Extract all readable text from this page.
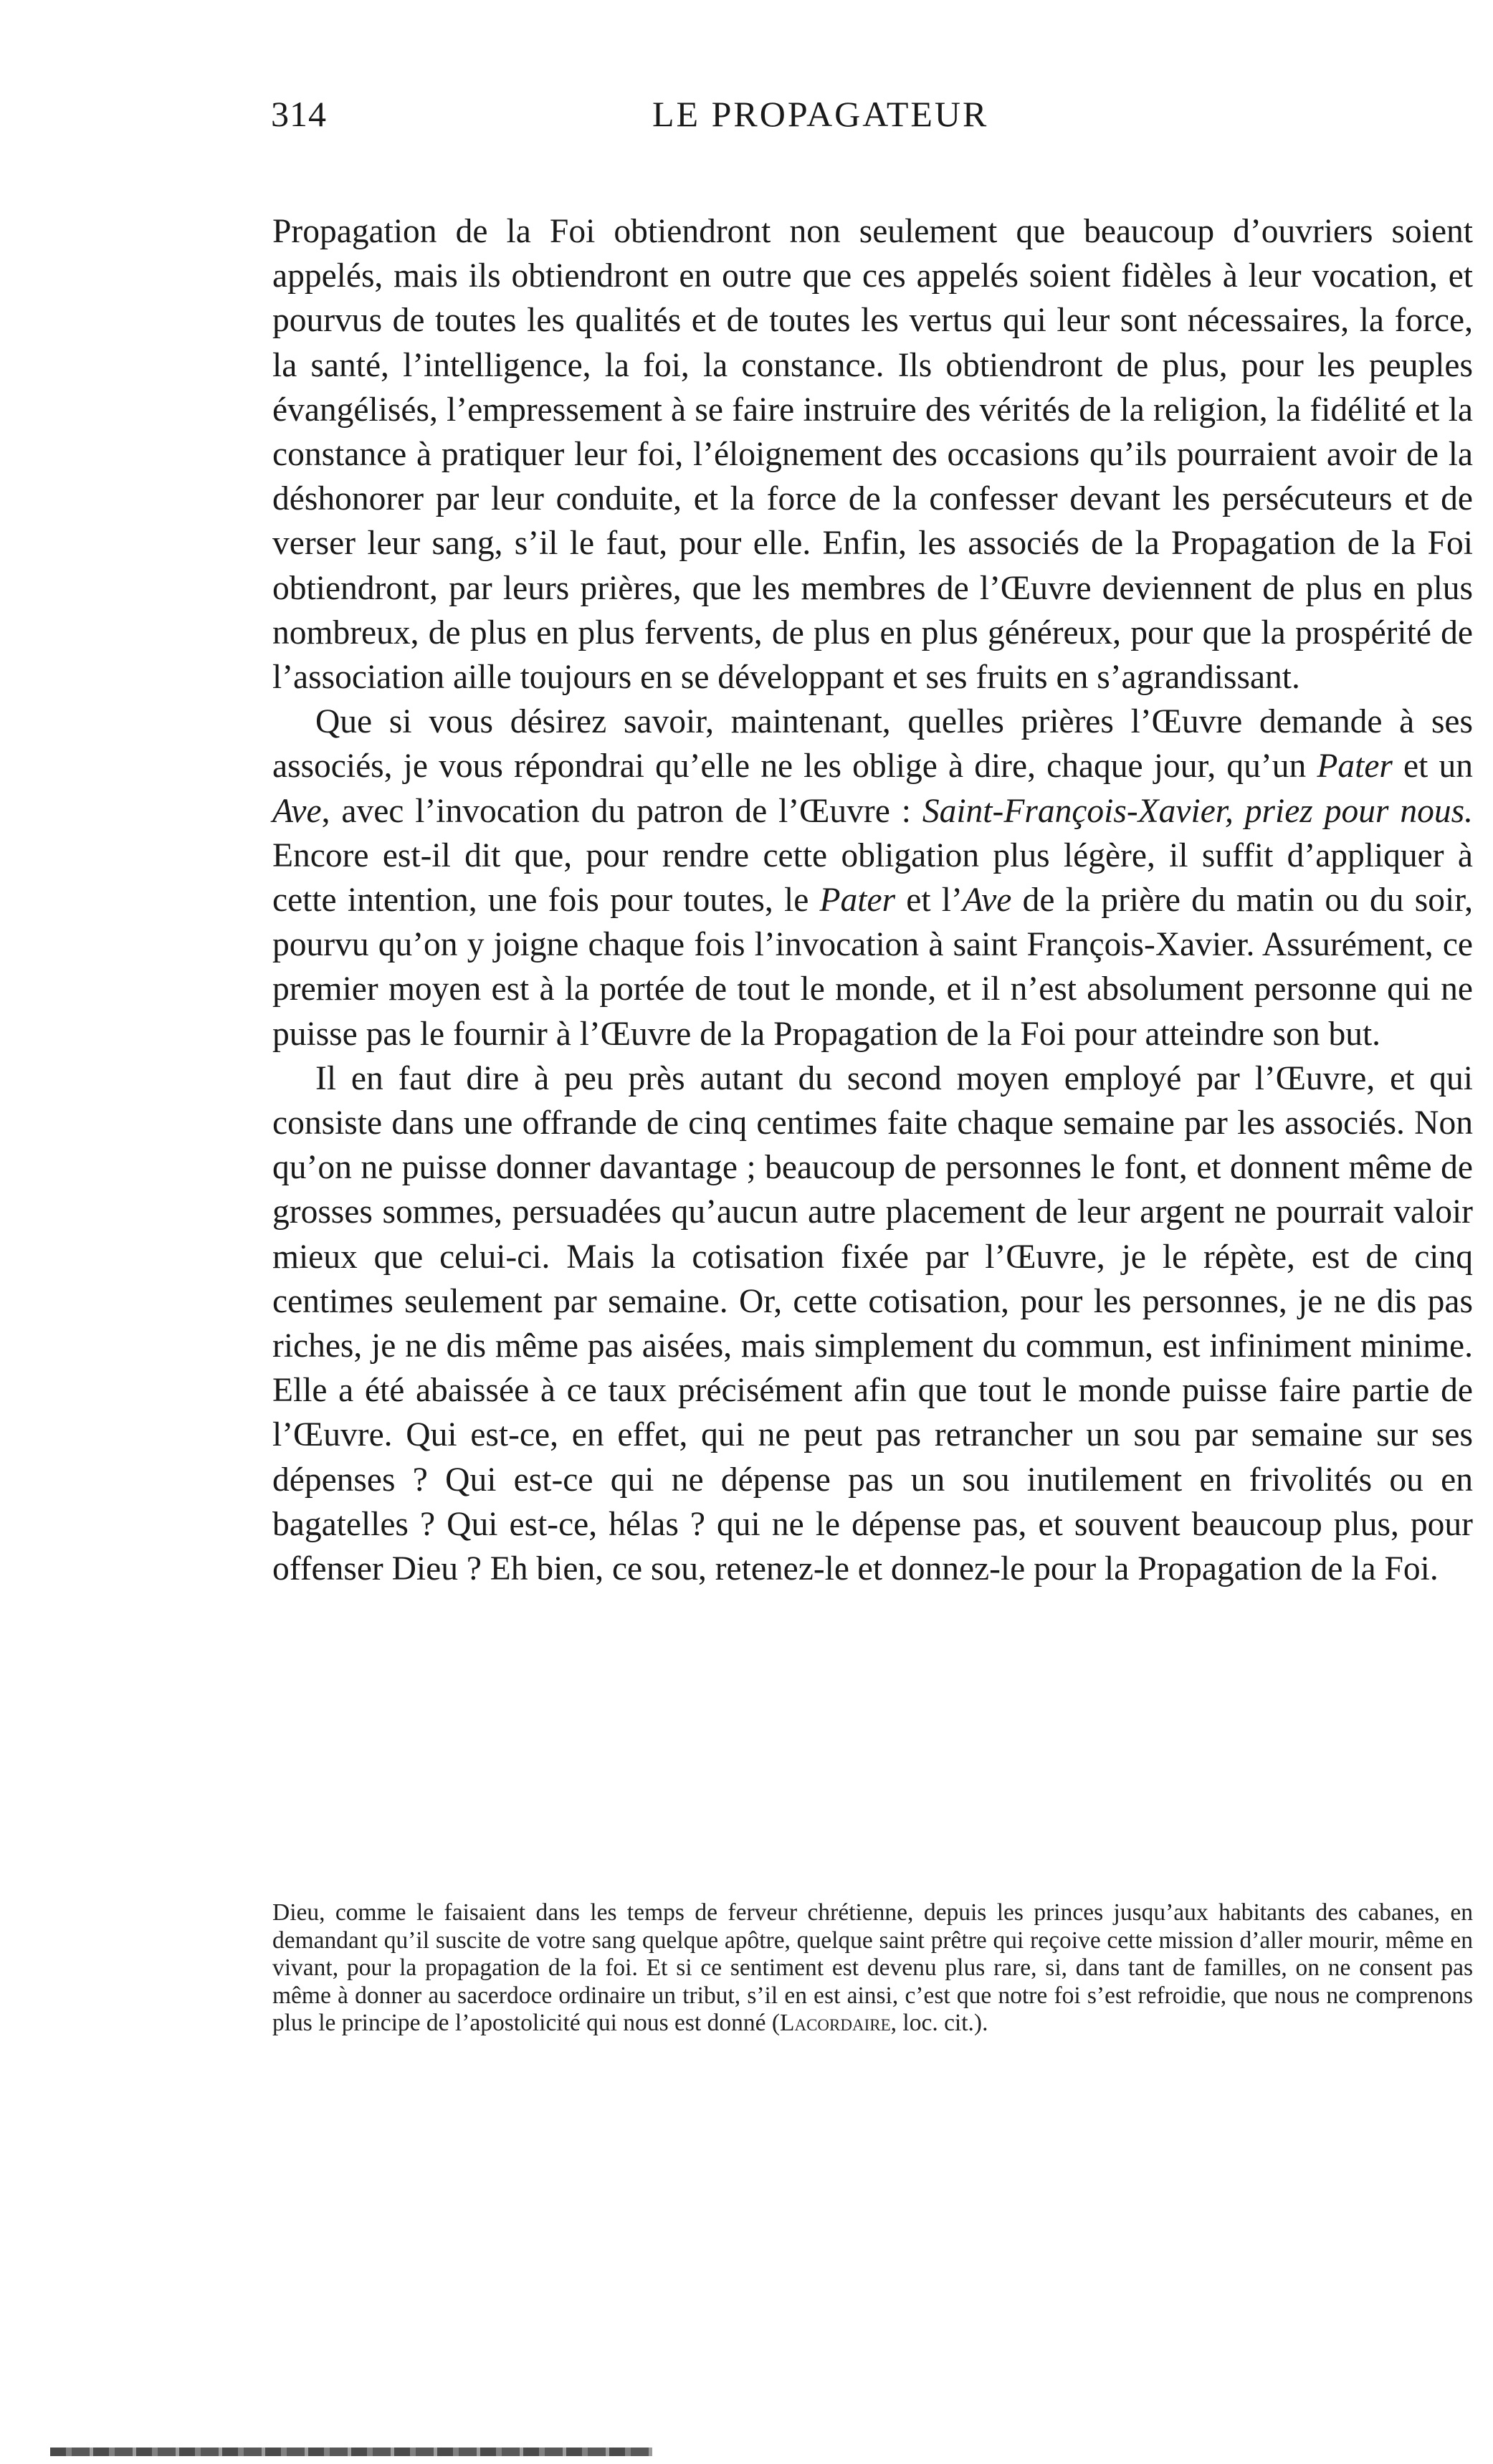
314	LE PROPAGATEUR

Propagation de la Foi obtiendront non seulement que beaucoup d’ouvriers soient appelés, mais ils obtiendront en outre que ces appelés soient fidèles à leur vocation, et pourvus de toutes les qualités et de toutes les vertus qui leur sont nécessaires, la force, la santé, l’intelligence, la foi, la constance. Ils obtiendront de plus, pour les peuples évangélisés, l’empressement à se faire instruire des vérités de la religion, la fidélité et la constance à pratiquer leur foi, l’éloignement des occasions qu’ils pourraient avoir de la déshonorer par leur conduite, et la force de la confesser devant les persécuteurs et de verser leur sang, s’il le faut, pour elle. Enfin, les associés de la Propagation de la Foi obtiendront, par leurs prières, que les membres de l’Œuvre deviennent de plus en plus nombreux, de plus en plus fervents, de plus en plus généreux, pour que la prospérité de l’association aille toujours en se développant et ses fruits en s’agrandissant.

Que si vous désirez savoir, maintenant, quelles prières l’Œuvre demande à ses associés, je vous répondrai qu’elle ne les oblige à dire, chaque jour, qu’un Pater et un Ave, avec l’invocation du patron de l’Œuvre : Saint-François-Xavier, priez pour nous. Encore est-il dit que, pour rendre cette obligation plus légère, il suffit d’appliquer à cette intention, une fois pour toutes, le Pater et l’Ave de la prière du matin ou du soir, pourvu qu’on y joigne chaque fois l’invocation à saint François-Xavier. Assurément, ce premier moyen est à la portée de tout le monde, et il n’est absolument personne qui ne puisse pas le fournir à l’Œuvre de la Propagation de la Foi pour atteindre son but.

Il en faut dire à peu près autant du second moyen employé par l’Œuvre, et qui consiste dans une offrande de cinq centimes faite chaque semaine par les associés. Non qu’on ne puisse donner davantage ; beaucoup de personnes le font, et donnent même de grosses sommes, persuadées qu’aucun autre placement de leur argent ne pourrait valoir mieux que celui-ci. Mais la cotisation fixée par l’Œuvre, je le répète, est de cinq centimes seulement par semaine. Or, cette cotisation, pour les personnes, je ne dis pas riches, je ne dis même pas aisées, mais simplement du commun, est infiniment minime. Elle a été abaissée à ce taux précisément afin que tout le monde puisse faire partie de l’Œuvre. Qui est-ce, en effet, qui ne peut pas retrancher un sou par semaine sur ses dépenses ? Qui est-ce qui ne dépense pas un sou inutilement en frivolités ou en bagatelles ? Qui est-ce, hélas ? qui ne le dépense pas, et souvent beaucoup plus, pour offenser Dieu ? Eh bien, ce sou, retenez-le et donnez-le pour la Propagation de la Foi.

Dieu, comme le faisaient dans les temps de ferveur chrétienne, depuis les princes jusqu’aux habitants des cabanes, en demandant qu’il suscite de votre sang quelque apôtre, quelque saint prêtre qui reçoive cette mission d’aller mourir, même en vivant, pour la propagation de la foi. Et si ce sentiment est devenu plus rare, si, dans tant de familles, on ne consent pas même à donner au sacerdoce ordinaire un tribut, s’il en est ainsi, c’est que notre foi s’est refroidie, que nous ne comprenons plus le principe de l’apostolicité qui nous est donné (Lacordaire, loc. cit.).
